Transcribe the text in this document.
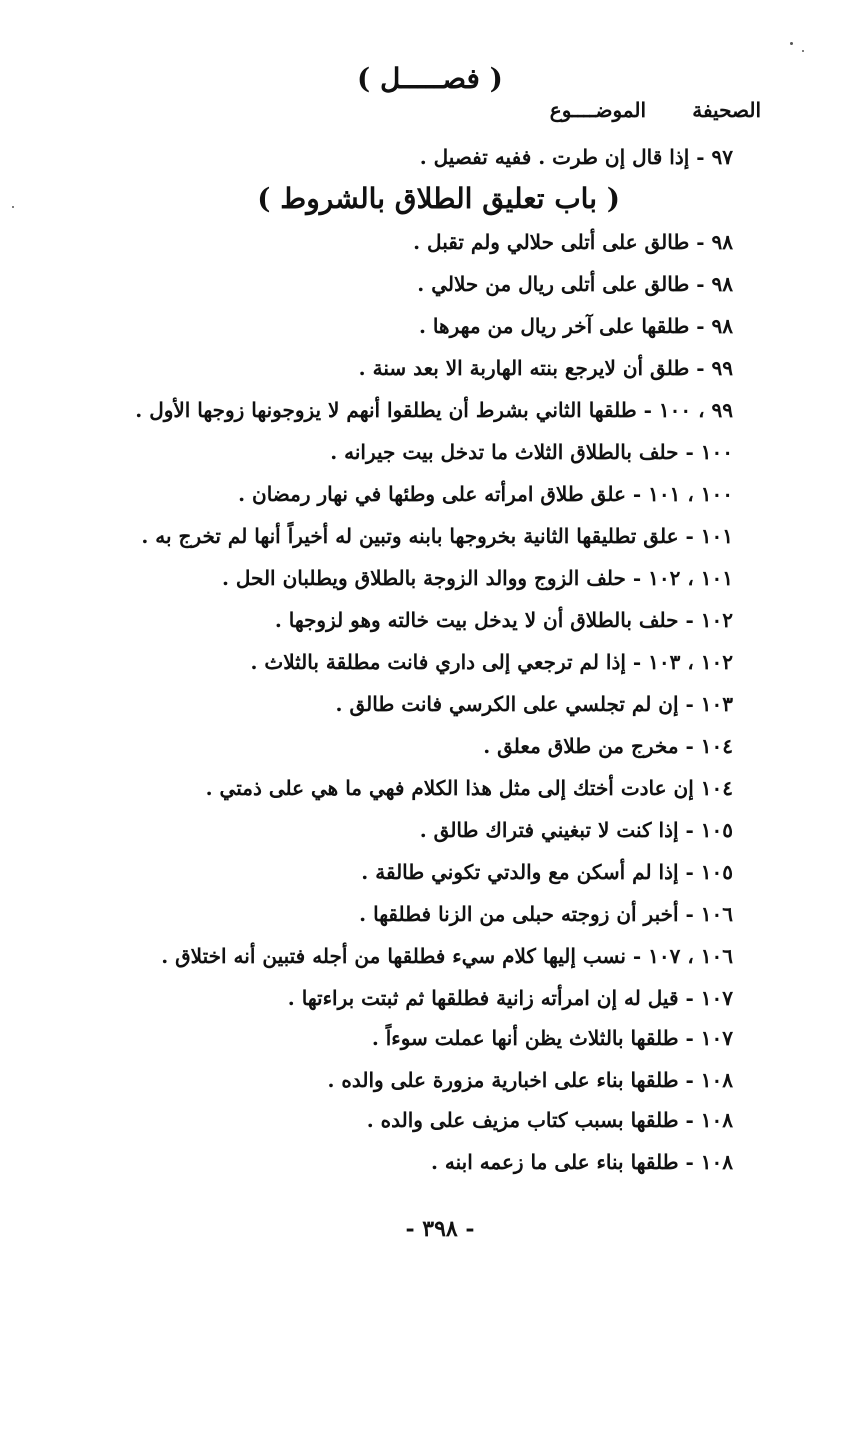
( فصـــــل )
الصحيفة
الموضــــوع
٩٧ - إذا قال إن طرت . ففيه تفصيل .
( باب تعليق الطلاق بالشروط )
٩٨ - طالق على أتلى حلالي ولم تقبل .
٩٨ - طالق على أتلى ريال من حلالي .
٩٨ - طلقها على آخر ريال من مهرها .
٩٩ - طلق أن لايرجع بنته الهاربة الا بعد سنة .
٩٩ ، ١٠٠ - طلقها الثاني بشرط أن يطلقوا أنهم لا يزوجونها زوجها الأول .
١٠٠ - حلف بالطلاق الثلاث ما تدخل بيت جيرانه .
١٠٠ ، ١٠١ - علق طلاق امرأته على وطئها في نهار رمضان .
١٠١ - علق تطليقها الثانية بخروجها بابنه وتبين له أخيراً أنها لم تخرج به .
١٠١ ، ١٠٢ - حلف الزوج ووالد الزوجة بالطلاق ويطلبان الحل .
١٠٢ - حلف بالطلاق أن لا يدخل بيت خالته وهو لزوجها .
١٠٢ ، ١٠٣ - إذا لم ترجعي إلى داري فانت مطلقة بالثلاث .
١٠٣ - إن لم تجلسي على الكرسي فانت طالق .
١٠٤ - مخرج من طلاق معلق .
١٠٤ إن عادت أختك إلى مثل هذا الكلام فهي ما هي على ذمتي .
١٠٥ - إذا كنت لا تبغيني فتراك طالق .
١٠٥ - إذا لم أسكن مع والدتي تكوني طالقة .
١٠٦ - أخبر أن زوجته حبلى من الزنا فطلقها .
١٠٦ ، ١٠٧ - نسب إليها كلام سيء فطلقها من أجله فتبين أنه اختلاق .
١٠٧ - قيل له إن امرأته زانية فطلقها ثم ثبتت براءتها .
١٠٧ - طلقها بالثلاث يظن أنها عملت سوءاً .
١٠٨ - طلقها بناء على اخبارية مزورة على والده .
١٠٨ - طلقها بسبب كتاب مزيف على والده .
١٠٨ - طلقها بناء على ما زعمه ابنه .
- ٣٩٨ -
